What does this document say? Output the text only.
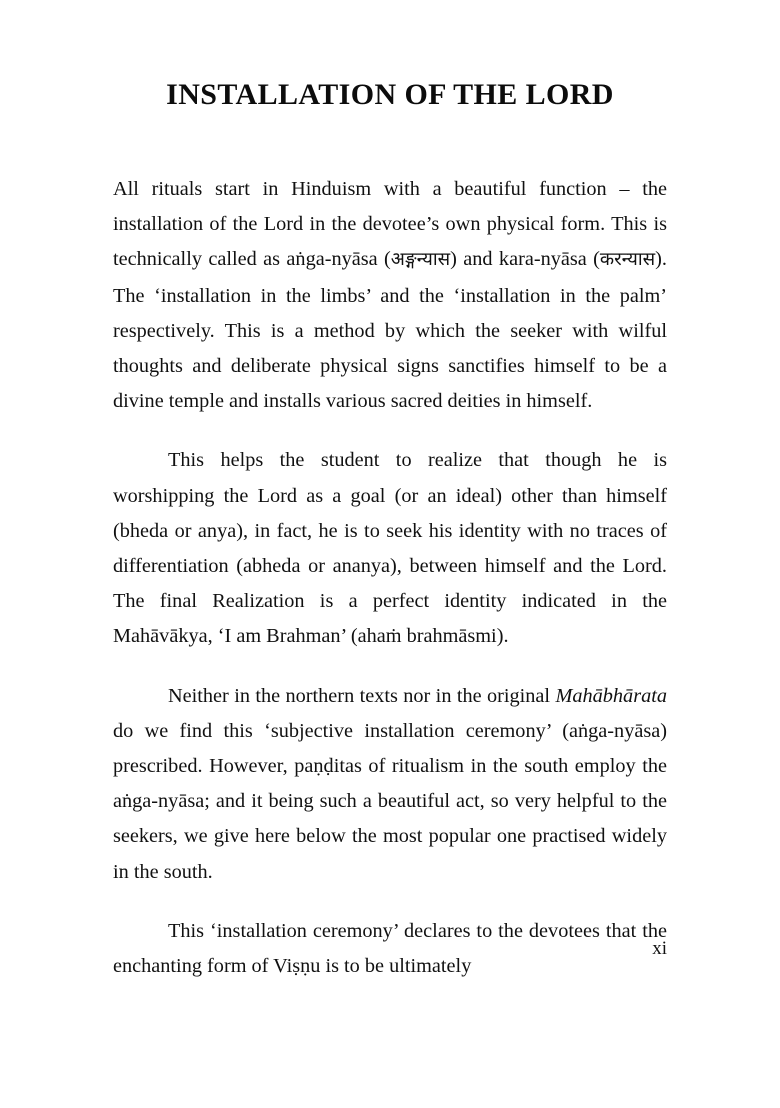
INSTALLATION OF THE LORD

All rituals start in Hinduism with a beautiful function – the installation of the Lord in the devotee’s own physical form. This is technically called as aṅga-nyāsa (अङ्गन्यास) and kara-nyāsa (करन्यास). The ‘installation in the limbs’ and the ‘installation in the palm’ respectively. This is a method by which the seeker with wilful thoughts and deliberate physical signs sanctifies himself to be a divine temple and installs various sacred deities in himself.

This helps the student to realize that though he is worshipping the Lord as a goal (or an ideal) other than himself (bheda or anya), in fact, he is to seek his identity with no traces of differentiation (abheda or ananya), between himself and the Lord. The final Realization is a perfect identity indicated in the Mahāvākya, ‘I am Brahman’ (ahaṁ brahmāsmi).

Neither in the northern texts nor in the original Mahābhārata do we find this ‘subjective installation ceremony’ (aṅga-nyāsa) prescribed. However, paṇḍitas of ritualism in the south employ the aṅga-nyāsa; and it being such a beautiful act, so very helpful to the seekers, we give here below the most popular one practised widely in the south.

This ‘installation ceremony’ declares to the devotees that the enchanting form of Viṣṇu is to be ultimately

xi
